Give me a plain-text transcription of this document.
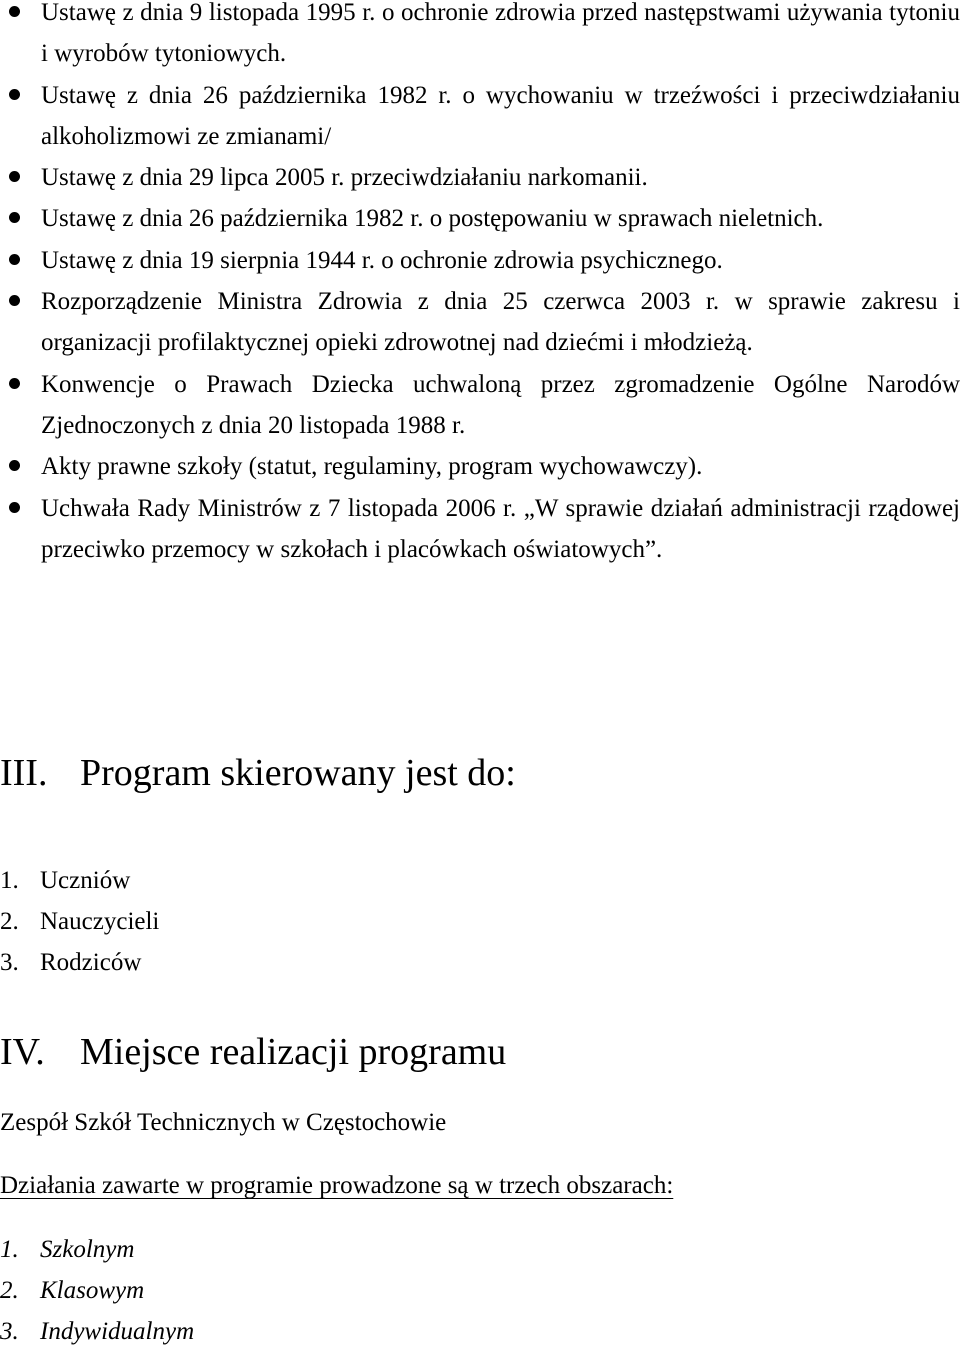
Ustawę z dnia 9 listopada 1995 r. o ochronie zdrowia przed następstwami używania tytoniu i wyrobów tytoniowych.
Ustawę z dnia 26 października 1982 r. o wychowaniu w trzeźwości i przeciwdziałaniu alkoholizmowi ze zmianami/
Ustawę z dnia 29 lipca 2005 r. przeciwdziałaniu narkomanii.
Ustawę z dnia 26 października 1982 r. o postępowaniu w sprawach nieletnich.
Ustawę z dnia 19 sierpnia 1944 r. o ochronie zdrowia psychicznego.
Rozporządzenie Ministra Zdrowia z dnia 25 czerwca 2003 r. w sprawie zakresu i organizacji profilaktycznej opieki zdrowotnej nad dziećmi i młodzieżą.
Konwencje o Prawach Dziecka uchwaloną przez zgromadzenie Ogólne Narodów Zjednoczonych z dnia 20 listopada 1988 r.
Akty prawne szkoły (statut, regulaminy, program wychowawczy).
Uchwała Rady Ministrów z 7 listopada 2006 r. „W sprawie działań administracji rządowej przeciwko przemocy w szkołach i placówkach oświatowych”.
III. Program skierowany jest do:
1. Uczniów
2. Nauczycieli
3. Rodziców
IV. Miejsce realizacji programu

Zespół Szkół Technicznych w Częstochowie

Działania zawarte w programie prowadzone są w trzech obszarach:

1. Szkolnym
2. Klasowym
3. Indywidualnym
